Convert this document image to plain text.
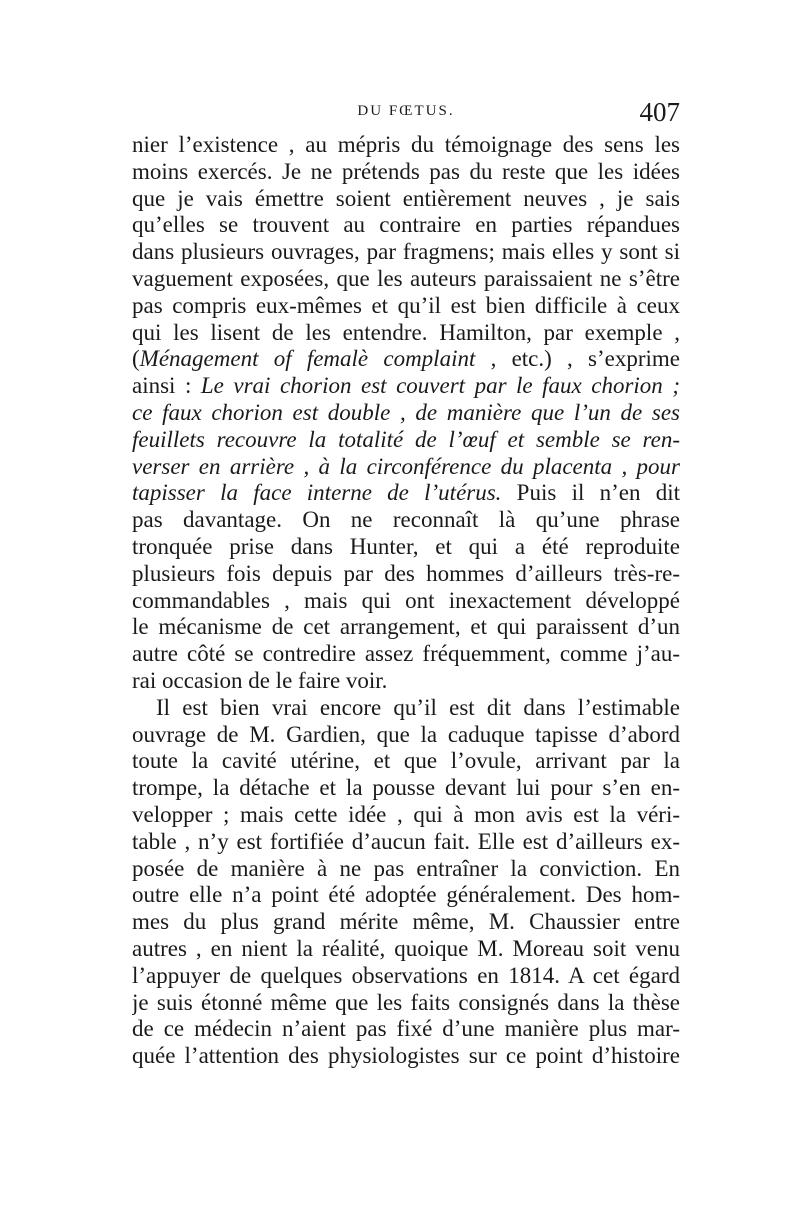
DU FŒTUS.	407
nier l’existence , au mépris du témoignage des sens les
moins exercés. Je ne prétends pas du reste que les idées
que je vais émettre soient entièrement neuves , je sais
qu’elles se trouvent au contraire en parties répandues
dans plusieurs ouvrages, par fragmens; mais elles y sont si
vaguement exposées, que les auteurs paraissaient ne s’être
pas compris eux-mêmes et qu’il est bien difficile à ceux
qui les lisent de les entendre. Hamilton, par exemple ,
(Ménagement of femalè complaint , etc.) , s’exprime
ainsi : Le vrai chorion est couvert par le faux chorion ;
ce faux chorion est double , de manière que l’un de ses
feuillets recouvre la totalité de l’œuf et semble se ren-
verser en arrière , à la circonférence du placenta , pour
tapisser la face interne de l’utérus. Puis il n’en dit
pas davantage. On ne reconnaît là qu’une phrase
tronquée prise dans Hunter, et qui a été reproduite
plusieurs fois depuis par des hommes d’ailleurs très-re-
commandables , mais qui ont inexactement développé
le mécanisme de cet arrangement, et qui paraissent d’un
autre côté se contredire assez fréquemment, comme j’au-
rai occasion de le faire voir.
Il est bien vrai encore qu’il est dit dans l’estimable
ouvrage de M. Gardien, que la caduque tapisse d’abord
toute la cavité utérine, et que l’ovule, arrivant par la
trompe, la détache et la pousse devant lui pour s’en en-
velopper ; mais cette idée , qui à mon avis est la véri-
table , n’y est fortifiée d’aucun fait. Elle est d’ailleurs ex-
posée de manière à ne pas entraîner la conviction. En
outre elle n’a point été adoptée généralement. Des hom-
mes du plus grand mérite même, M. Chaussier entre
autres , en nient la réalité, quoique M. Moreau soit venu
l’appuyer de quelques observations en 1814. A cet égard
je suis étonné même que les faits consignés dans la thèse
de ce médecin n’aient pas fixé d’une manière plus mar-
quée l’attention des physiologistes sur ce point d’histoire
